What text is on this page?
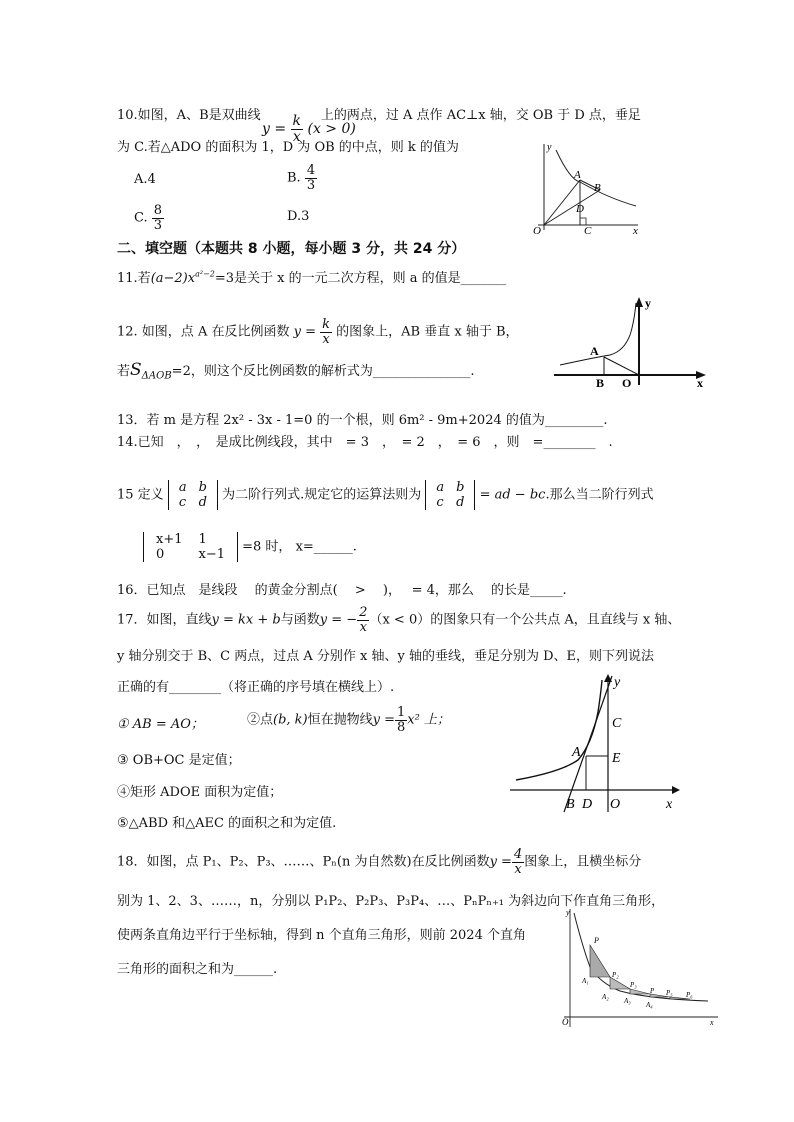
10.如图，A、B是双曲线	上的两点，过 A 点作 AC⊥x 轴，交 OB 于 D 点，垂足
$y = \frac{k}{x} (x > 0)$
为 C.若△ADO 的面积为 1，D 为 OB 的中点，则 k 的值为
A.4	B. $\frac{4}{3}$
C. $\frac{8}{3}$	D.3
y
A
B
D
O	C	x
二、填空题（本题共 8 小题，每小题 3 分，共 24 分）
11.若$(a-2)x^{a^2-2}=3$是关于 x 的一元二次方程，则 a 的值是_______
12. 如图，点 A 在反比例函数 $y = \frac{k}{x}$ 的图象上，AB 垂直 x 轴于 B，
若$S_{\Delta AOB}=2$，则这个反比例函数的解析式为_______________.
y
A
B O	x
13．若 m 是方程 2x² - 3x - 1=0 的一个根，则 6m² - 9m+2024 的值为_________.
14.已知　，　，　是成比例线段，其中　= 3　，　= 2　，　= 6　，则　=________　.
15 定义 a	b
c	d 为二阶行列式.规定它的运算法则为 a	b
c	d = ad − bc.那么当二阶行列式
x+1	1
0	x−1 =8 时， x=______.
16．已知点　是线段　 的黄金分割点(　 >　 )，　 = 4，那么　 的长是_____.
17．如图，直线y = kx + b与函数y = − $\frac{2}{x} (x < 0)$的图象只有一个公共点 A，且直线与 x 轴、
y 轴分别交于 B、C 两点，过点 A 分别作 x 轴、y 轴的垂线，垂足分别为 D、E，则下列说法
正确的有________（将正确的序号填在横线上）.
① AB = AO；	②点(b, k)恒在抛物线$y = \frac{1}{8} x^2$ 上；
③ OB+OC 是定值；
④矩形 ADOE 面积为定值；
⑤△ABD 和△AEC 的面积之和为定值.
y
C
A E
B D O	x
18．如图，点 P₁、P₂、P₃、……、Pₙ(n 为自然数)在反比例函数$y = \frac{4}{x}$ 图象上，且横坐标分
别为 1、2、3、……，n，分别以 P₁P₂、P₂P₃、P₃P₄、…、PₙPₙ₊₁ 为斜边向下作直角三角形，
使两条直角边平行于坐标轴，得到 n 个直角三角形，则前 2024 个直角
三角形的面积之和为______.
y
O	x
P
A₁
P₂
A₂
P₃
A₃
P
A₄
P₅ P₆
